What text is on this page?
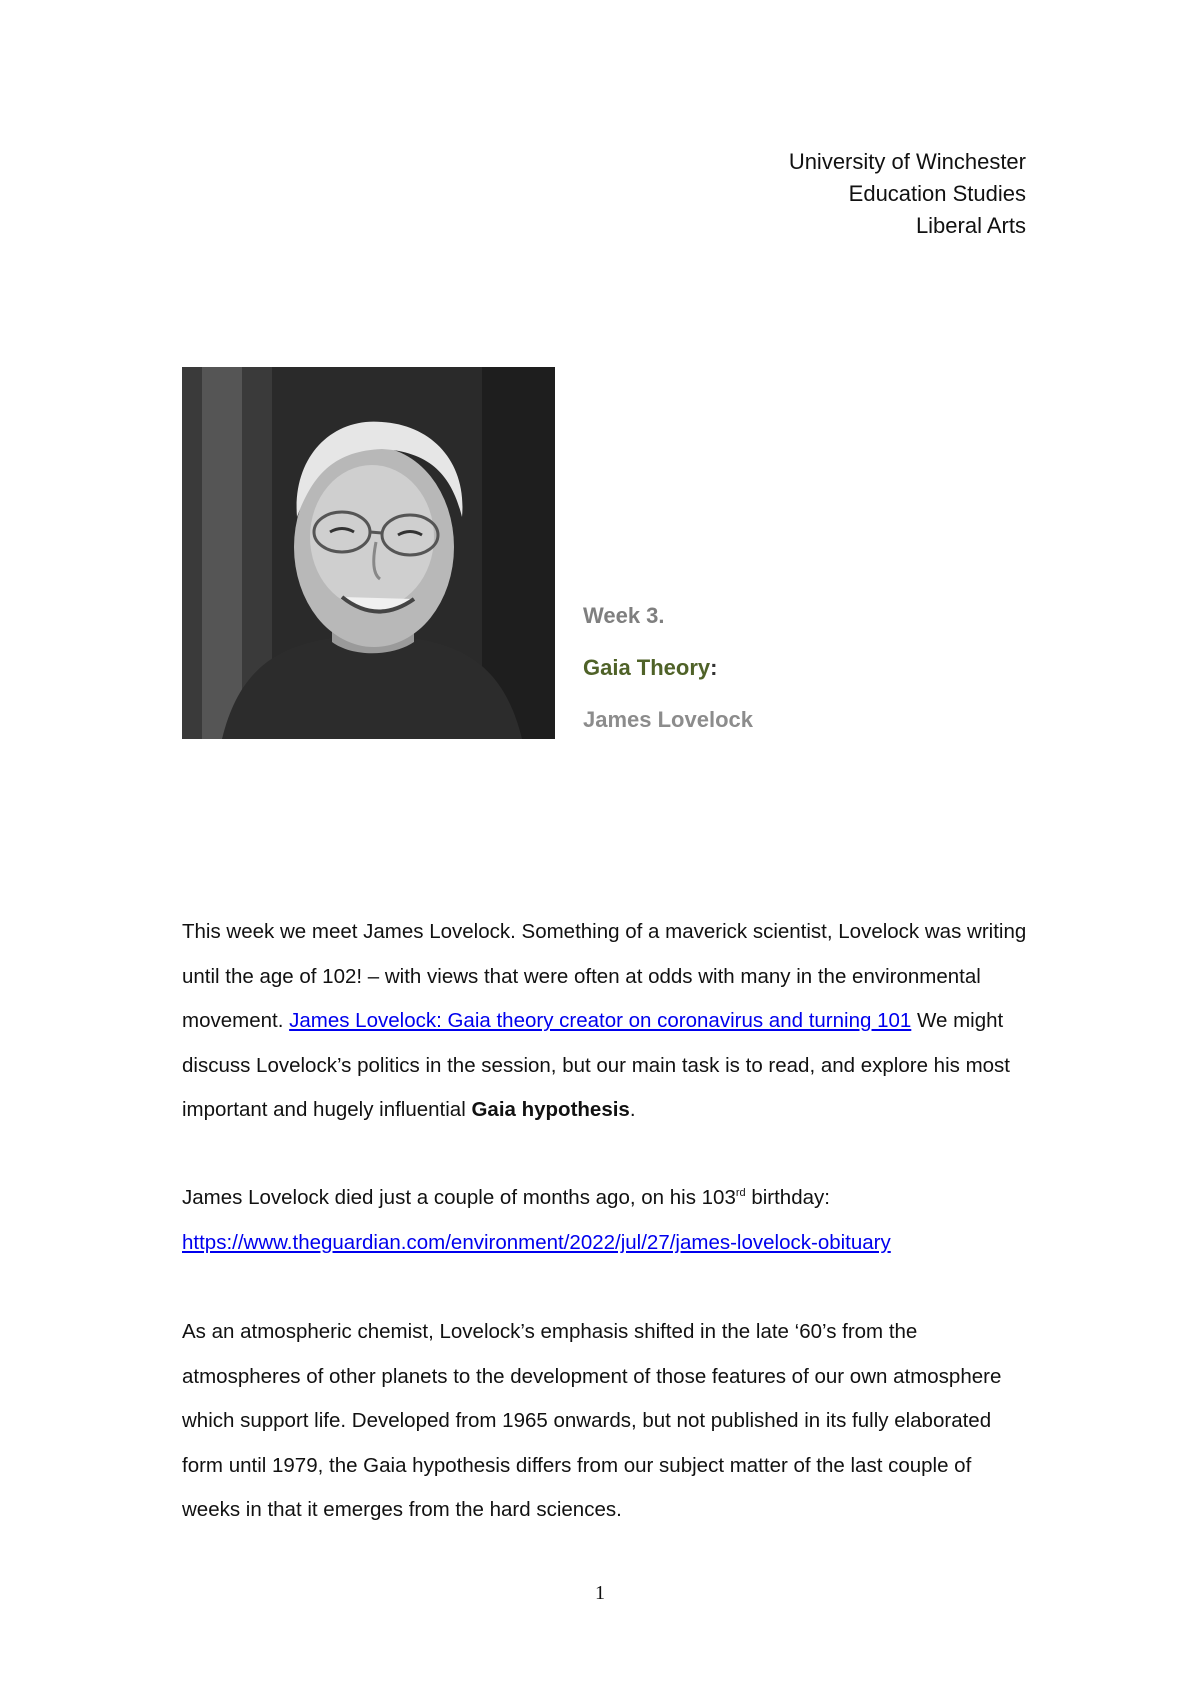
University of Winchester
Education Studies
Liberal Arts
Week 3.
Gaia Theory:
James Lovelock
This week we meet James Lovelock. Something of a maverick scientist, Lovelock was writing until the age of 102! – with views that were often at odds with many in the environmental movement. James Lovelock: Gaia theory creator on coronavirus and turning 101 We might discuss Lovelock’s politics in the session, but our main task is to read, and explore his most important and hugely influential Gaia hypothesis.
James Lovelock died just a couple of months ago, on his 103rd birthday:
https://www.theguardian.com/environment/2022/jul/27/james-lovelock-obituary
As an atmospheric chemist, Lovelock’s emphasis shifted in the late ‘60’s from the atmospheres of other planets to the development of those features of our own atmosphere which support life. Developed from 1965 onwards, but not published in its fully elaborated form until 1979, the Gaia hypothesis differs from our subject matter of the last couple of weeks in that it emerges from the hard sciences.
1
